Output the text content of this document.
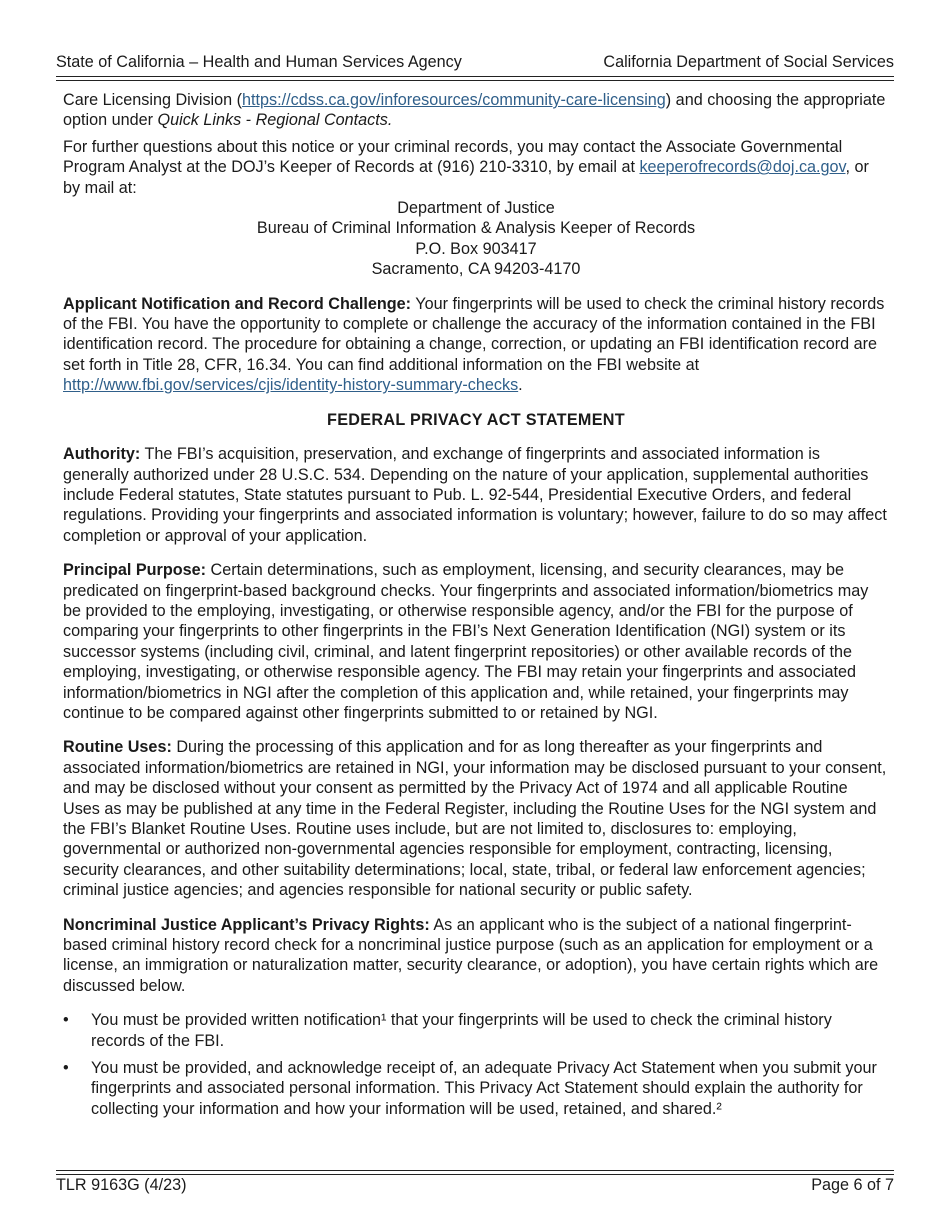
State of California – Health and Human Services Agency	California Department of Social Services

Care Licensing Division (https://cdss.ca.gov/inforesources/community-care-licensing) and choosing the appropriate option under Quick Links - Regional Contacts.

For further questions about this notice or your criminal records, you may contact the Associate Governmental Program Analyst at the DOJ’s Keeper of Records at (916) 210-3310, by email at keeperofrecords@doj.ca.gov, or by mail at:

Department of Justice
Bureau of Criminal Information & Analysis Keeper of Records
P.O. Box 903417
Sacramento, CA 94203-4170

Applicant Notification and Record Challenge: Your fingerprints will be used to check the criminal history records of the FBI. You have the opportunity to complete or challenge the accuracy of the information contained in the FBI identification record. The procedure for obtaining a change, correction, or updating an FBI identification record are set forth in Title 28, CFR, 16.34. You can find additional information on the FBI website at http://www.fbi.gov/services/cjis/identity-history-summary-checks.

FEDERAL PRIVACY ACT STATEMENT

Authority: The FBI’s acquisition, preservation, and exchange of fingerprints and associated information is generally authorized under 28 U.S.C. 534. Depending on the nature of your application, supplemental authorities include Federal statutes, State statutes pursuant to Pub. L. 92-544, Presidential Executive Orders, and federal regulations. Providing your fingerprints and associated information is voluntary; however, failure to do so may affect completion or approval of your application.

Principal Purpose: Certain determinations, such as employment, licensing, and security clearances, may be predicated on fingerprint-based background checks. Your fingerprints and associated information/biometrics may be provided to the employing, investigating, or otherwise responsible agency, and/or the FBI for the purpose of comparing your fingerprints to other fingerprints in the FBI’s Next Generation Identification (NGI) system or its successor systems (including civil, criminal, and latent fingerprint repositories) or other available records of the employing, investigating, or otherwise responsible agency. The FBI may retain your fingerprints and associated information/biometrics in NGI after the completion of this application and, while retained, your fingerprints may continue to be compared against other fingerprints submitted to or retained by NGI.

Routine Uses: During the processing of this application and for as long thereafter as your fingerprints and associated information/biometrics are retained in NGI, your information may be disclosed pursuant to your consent, and may be disclosed without your consent as permitted by the Privacy Act of 1974 and all applicable Routine Uses as may be published at any time in the Federal Register, including the Routine Uses for the NGI system and the FBI’s Blanket Routine Uses. Routine uses include, but are not limited to, disclosures to: employing, governmental or authorized non-governmental agencies responsible for employment, contracting, licensing, security clearances, and other suitability determinations; local, state, tribal, or federal law enforcement agencies; criminal justice agencies; and agencies responsible for national security or public safety.

Noncriminal Justice Applicant’s Privacy Rights: As an applicant who is the subject of a national fingerprint-based criminal history record check for a noncriminal justice purpose (such as an application for employment or a license, an immigration or naturalization matter, security clearance, or adoption), you have certain rights which are discussed below.

• You must be provided written notification¹ that your fingerprints will be used to check the criminal history records of the FBI.
• You must be provided, and acknowledge receipt of, an adequate Privacy Act Statement when you submit your fingerprints and associated personal information. This Privacy Act Statement should explain the authority for collecting your information and how your information will be used, retained, and shared.²
TLR 9163G (4/23)	Page 6 of 7
